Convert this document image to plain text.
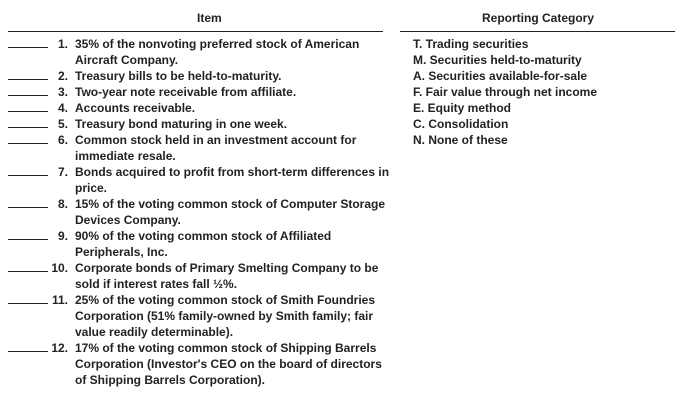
Item	Reporting Category
1. 35% of the nonvoting preferred stock of American Aircraft Company.
2. Treasury bills to be held-to-maturity.
3. Two-year note receivable from affiliate.
4. Accounts receivable.
5. Treasury bond maturing in one week.
6. Common stock held in an investment account for immediate resale.
7. Bonds acquired to profit from short-term differences in price.
8. 15% of the voting common stock of Computer Storage Devices Company.
9. 90% of the voting common stock of Affiliated Peripherals, Inc.
10. Corporate bonds of Primary Smelting Company to be sold if interest rates fall ½%.
11. 25% of the voting common stock of Smith Foundries Corporation (51% family-owned by Smith family; fair value readily determinable).
12. 17% of the voting common stock of Shipping Barrels Corporation (Investor's CEO on the board of directors of Shipping Barrels Corporation).
T. Trading securities
M. Securities held-to-maturity
A. Securities available-for-sale
F. Fair value through net income
E. Equity method
C. Consolidation
N. None of these
